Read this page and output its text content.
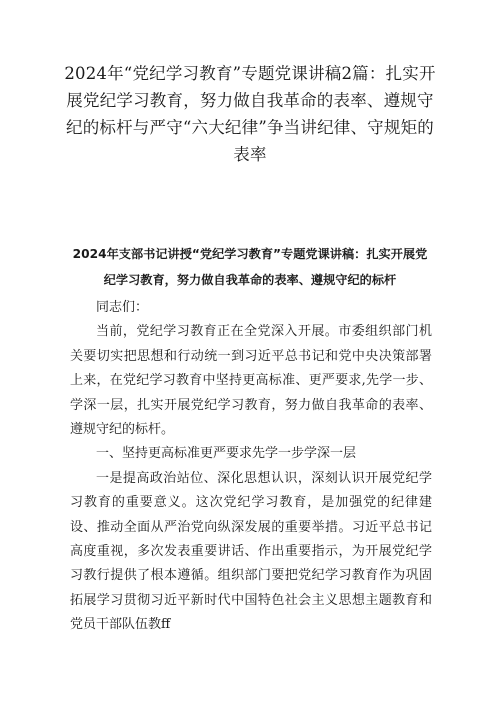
2024年“党纪学习教育”专题党课讲稿2篇：扎实开展党纪学习教育，努力做自我革命的表率、遵规守纪的标杆与严守“六大纪律”争当讲纪律、守规矩的表率
2024年支部书记讲授“党纪学习教育”专题党课讲稿：扎实开展党纪学习教育，努力做自我革命的表率、遵规守纪的标杆

同志们：

当前，党纪学习教育正在全党深入开展。市委组织部门机关要切实把思想和行动统一到习近平总书记和党中央决策部署上来，在党纪学习教育中坚持更高标准、更严要求,先学一步、学深一层，扎实开展党纪学习教育，努力做自我革命的表率、遵规守纪的标杆。

一、坚持更高标准更严要求先学一步学深一层

一是提高政治站位、深化思想认识，深刻认识开展党纪学习教育的重要意义。这次党纪学习教育，是加强党的纪律建设、推动全面从严治党向纵深发展的重要举措。习近平总书记高度重视，多次发表重要讲话、作出重要指示，为开展党纪学习教行提供了根本遵循。组织部门要把党纪学习教育作为巩固拓展学习贯彻习近平新时代中国特色社会主义思想主题教育和党员干部队伍教ff
